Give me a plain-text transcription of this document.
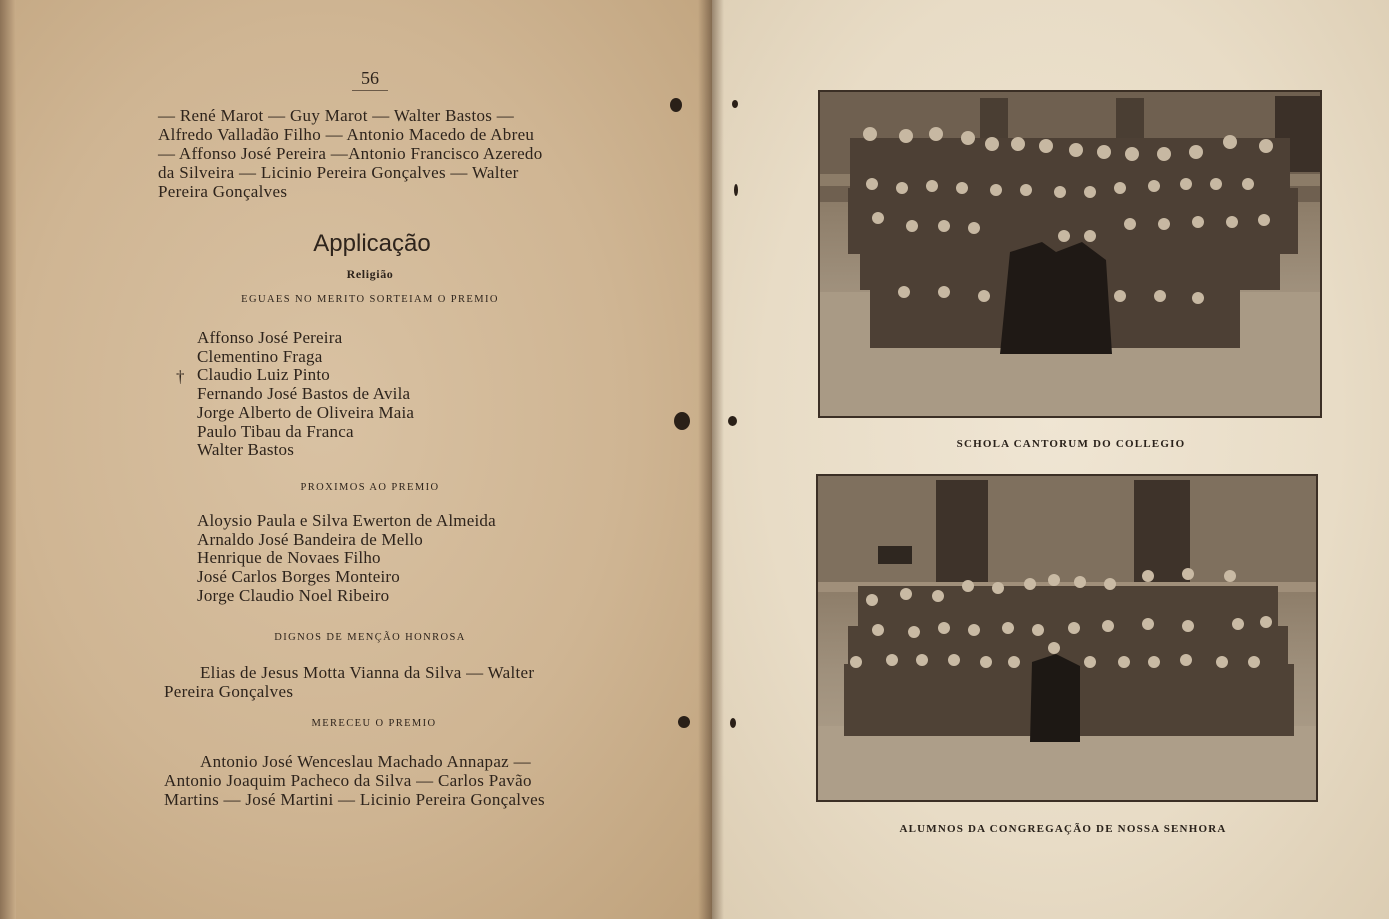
56
— René Marot — Guy Marot — Walter Bastos —
Alfredo Valladão Filho — Antonio Macedo de Abreu
— Affonso José Pereira —Antonio Francisco Azeredo
da Silveira — Licinio Pereira Gonçalves — Walter
Pereira Gonçalves
Applicação
Religião
EGUAES NO MERITO SORTEIAM O PREMIO
†
Affonso José Pereira
Clementino Fraga
Claudio Luiz Pinto
Fernando José Bastos de Avila
Jorge Alberto de Oliveira Maia
Paulo Tibau da Franca
Walter Bastos
PROXIMOS AO PREMIO
Aloysio Paula e Silva Ewerton de Almeida
Arnaldo José Bandeira de Mello
Henrique de Novaes Filho
José Carlos Borges Monteiro
Jorge Claudio Noel Ribeiro
DIGNOS DE MENÇÃO HONROSA
Elias de Jesus Motta Vianna da Silva — Walter
Pereira Gonçalves
MERECEU O PREMIO
Antonio José Wenceslau Machado Annapaz —
Antonio Joaquim Pacheco da Silva — Carlos Pavão
Martins — José Martini — Licinio Pereira Gonçalves
SCHOLA CANTORUM DO COLLEGIO
ALUMNOS DA CONGREGAÇÃO DE NOSSA SENHORA
